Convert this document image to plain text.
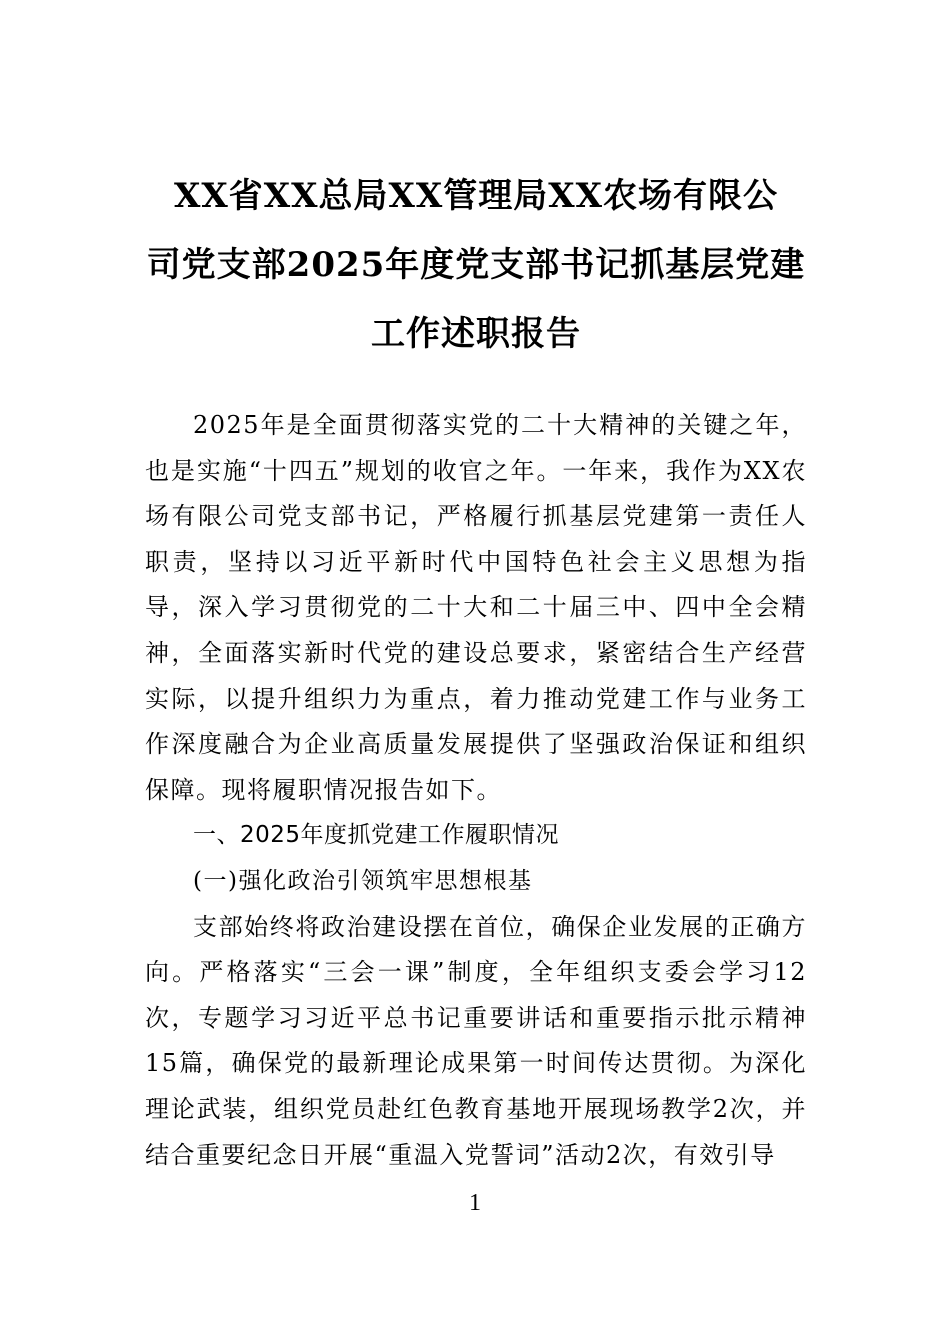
XX省XX总局XX管理局XX农场有限公
司党支部2025年度党支部书记抓基层党建
工作述职报告

2025年是全面贯彻落实党的二十大精神的关键之年，也是实施“十四五”规划的收官之年。一年来，我作为XX农场有限公司党支部书记，严格履行抓基层党建第一责任人职责，坚持以习近平新时代中国特色社会主义思想为指导，深入学习贯彻党的二十大和二十届三中、四中全会精神，全面落实新时代党的建设总要求，紧密结合生产经营实际，以提升组织力为重点，着力推动党建工作与业务工作深度融合为企业高质量发展提供了坚强政治保证和组织保障。现将履职情况报告如下。

一、2025年度抓党建工作履职情况

(一)强化政治引领筑牢思想根基

支部始终将政治建设摆在首位，确保企业发展的正确方向。严格落实“三会一课”制度，全年组织支委会学习12次，专题学习习近平总书记重要讲话和重要指示批示精神15篇，确保党的最新理论成果第一时间传达贯彻。为深化理论武装，组织党员赴红色教育基地开展现场教学2次，并结合重要纪念日开展“重温入党誓词”活动2次，有效引导

1
